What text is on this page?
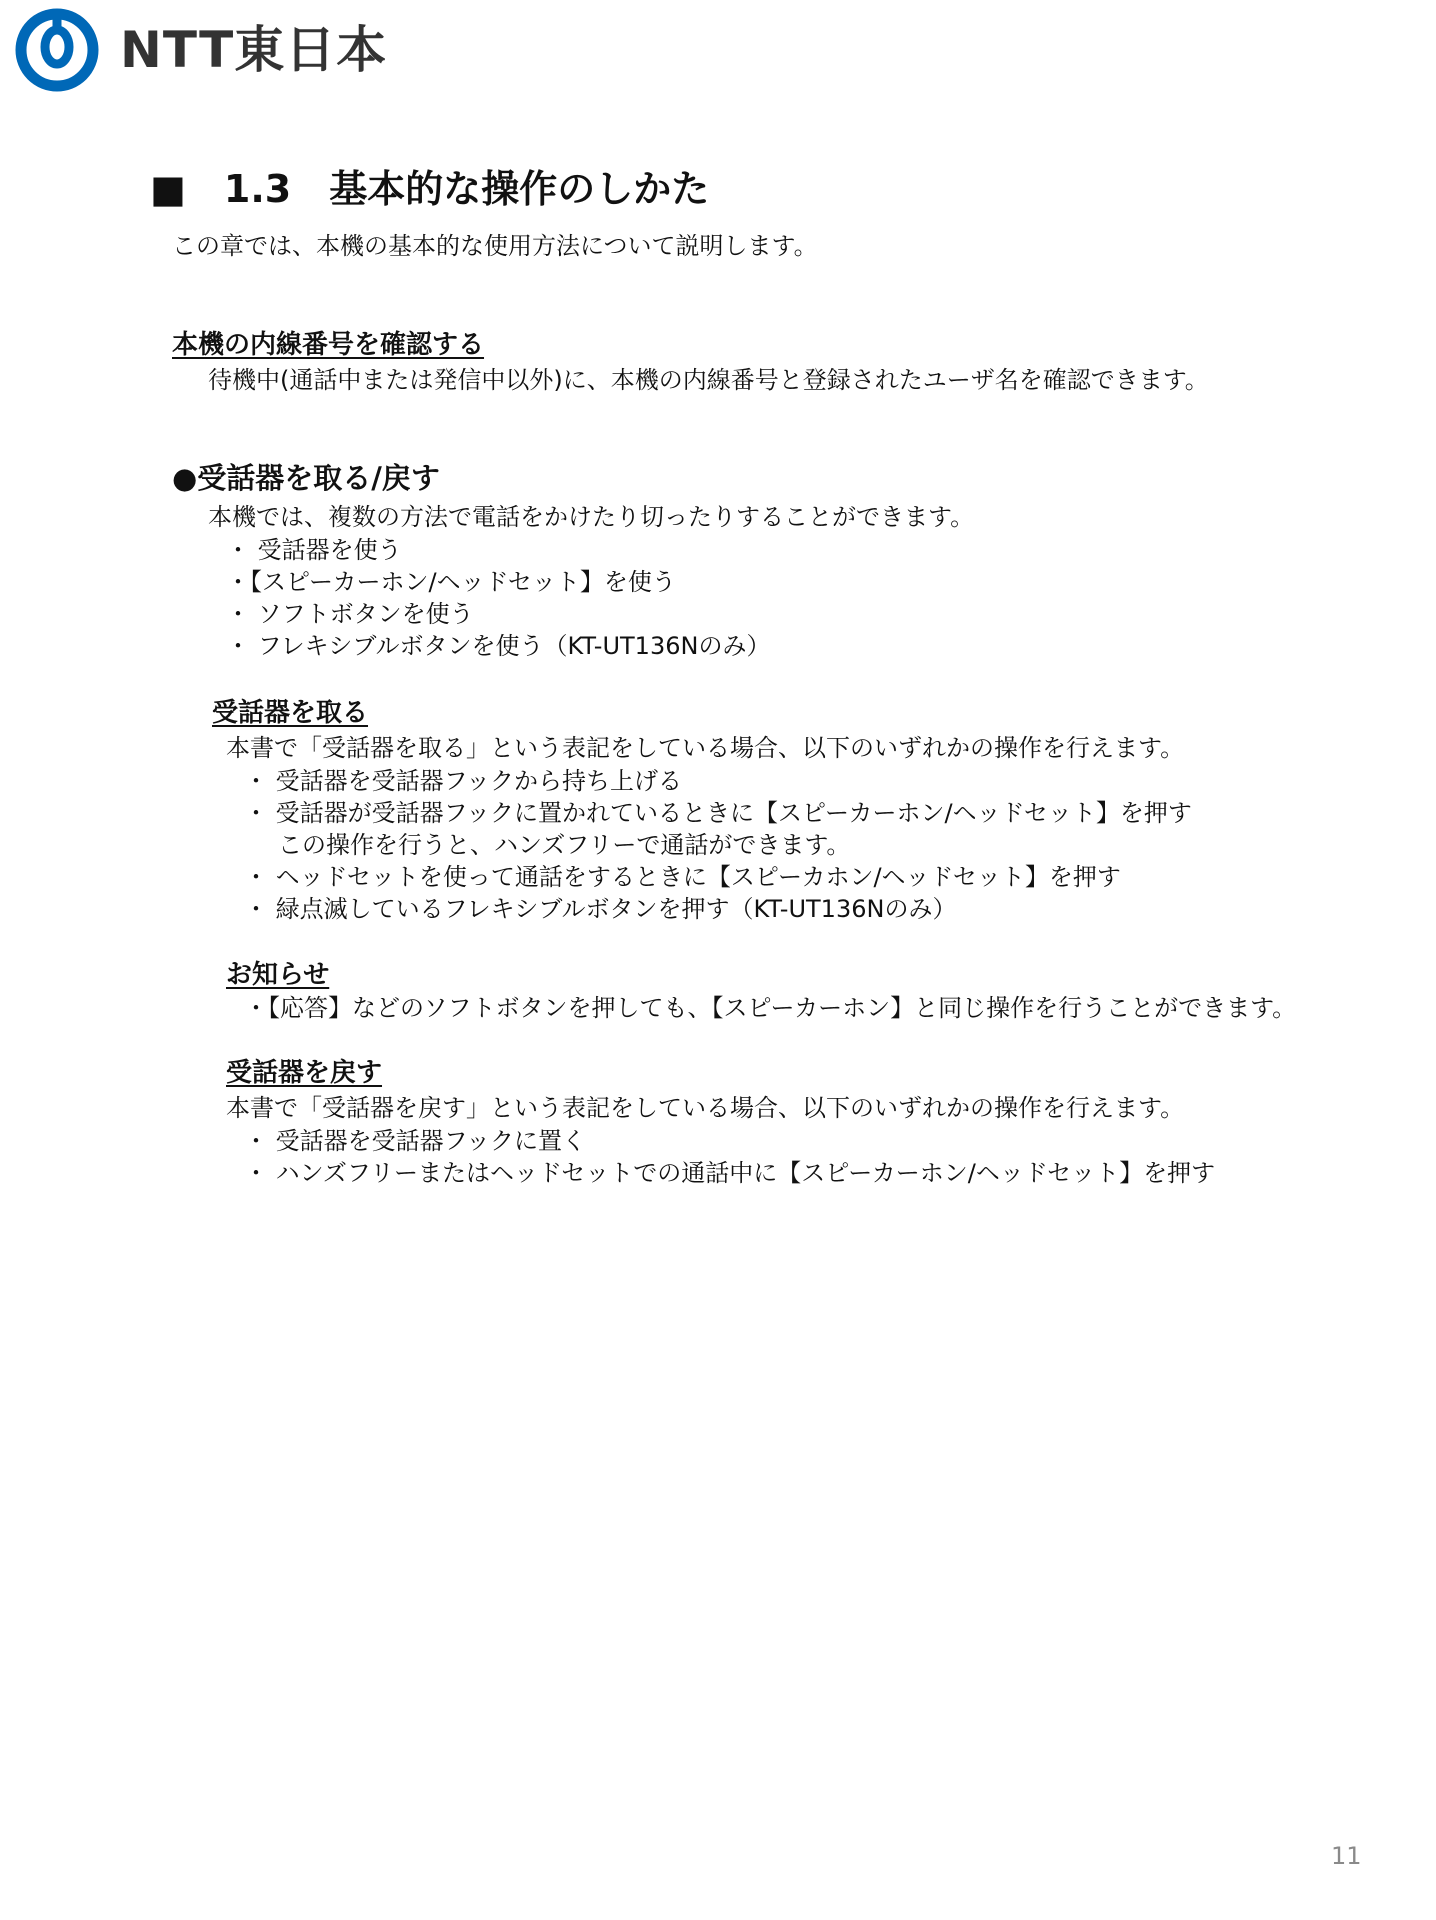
NTT東日本
■　1.3　基本的な操作のしかた
この章では、本機の基本的な使用方法について説明します。
本機の内線番号を確認する
待機中(通話中または発信中以外)に、本機の内線番号と登録されたユーザ名を確認できます。
●受話器を取る/戻す
本機では、複数の方法で電話をかけたり切ったりすることができます。
・ 受話器を使う
・【スピーカーホン/ヘッドセット】を使う
・ ソフトボタンを使う
・ フレキシブルボタンを使う（KT-UT136Nのみ）
受話器を取る
本書で「受話器を取る」という表記をしている場合、以下のいずれかの操作を行えます。
・ 受話器を受話器フックから持ち上げる
・ 受話器が受話器フックに置かれているときに【スピーカーホン/ヘッドセット】を押す
この操作を行うと、ハンズフリーで通話ができます。
・ ヘッドセットを使って通話をするときに【スピーカホン/ヘッドセット】を押す
・ 緑点滅しているフレキシブルボタンを押す（KT-UT136Nのみ）
お知らせ
・【応答】などのソフトボタンを押しても、【スピーカーホン】と同じ操作を行うことができます。
受話器を戻す
本書で「受話器を戻す」という表記をしている場合、以下のいずれかの操作を行えます。
・ 受話器を受話器フックに置く
・ ハンズフリーまたはヘッドセットでの通話中に【スピーカーホン/ヘッドセット】を押す
11
